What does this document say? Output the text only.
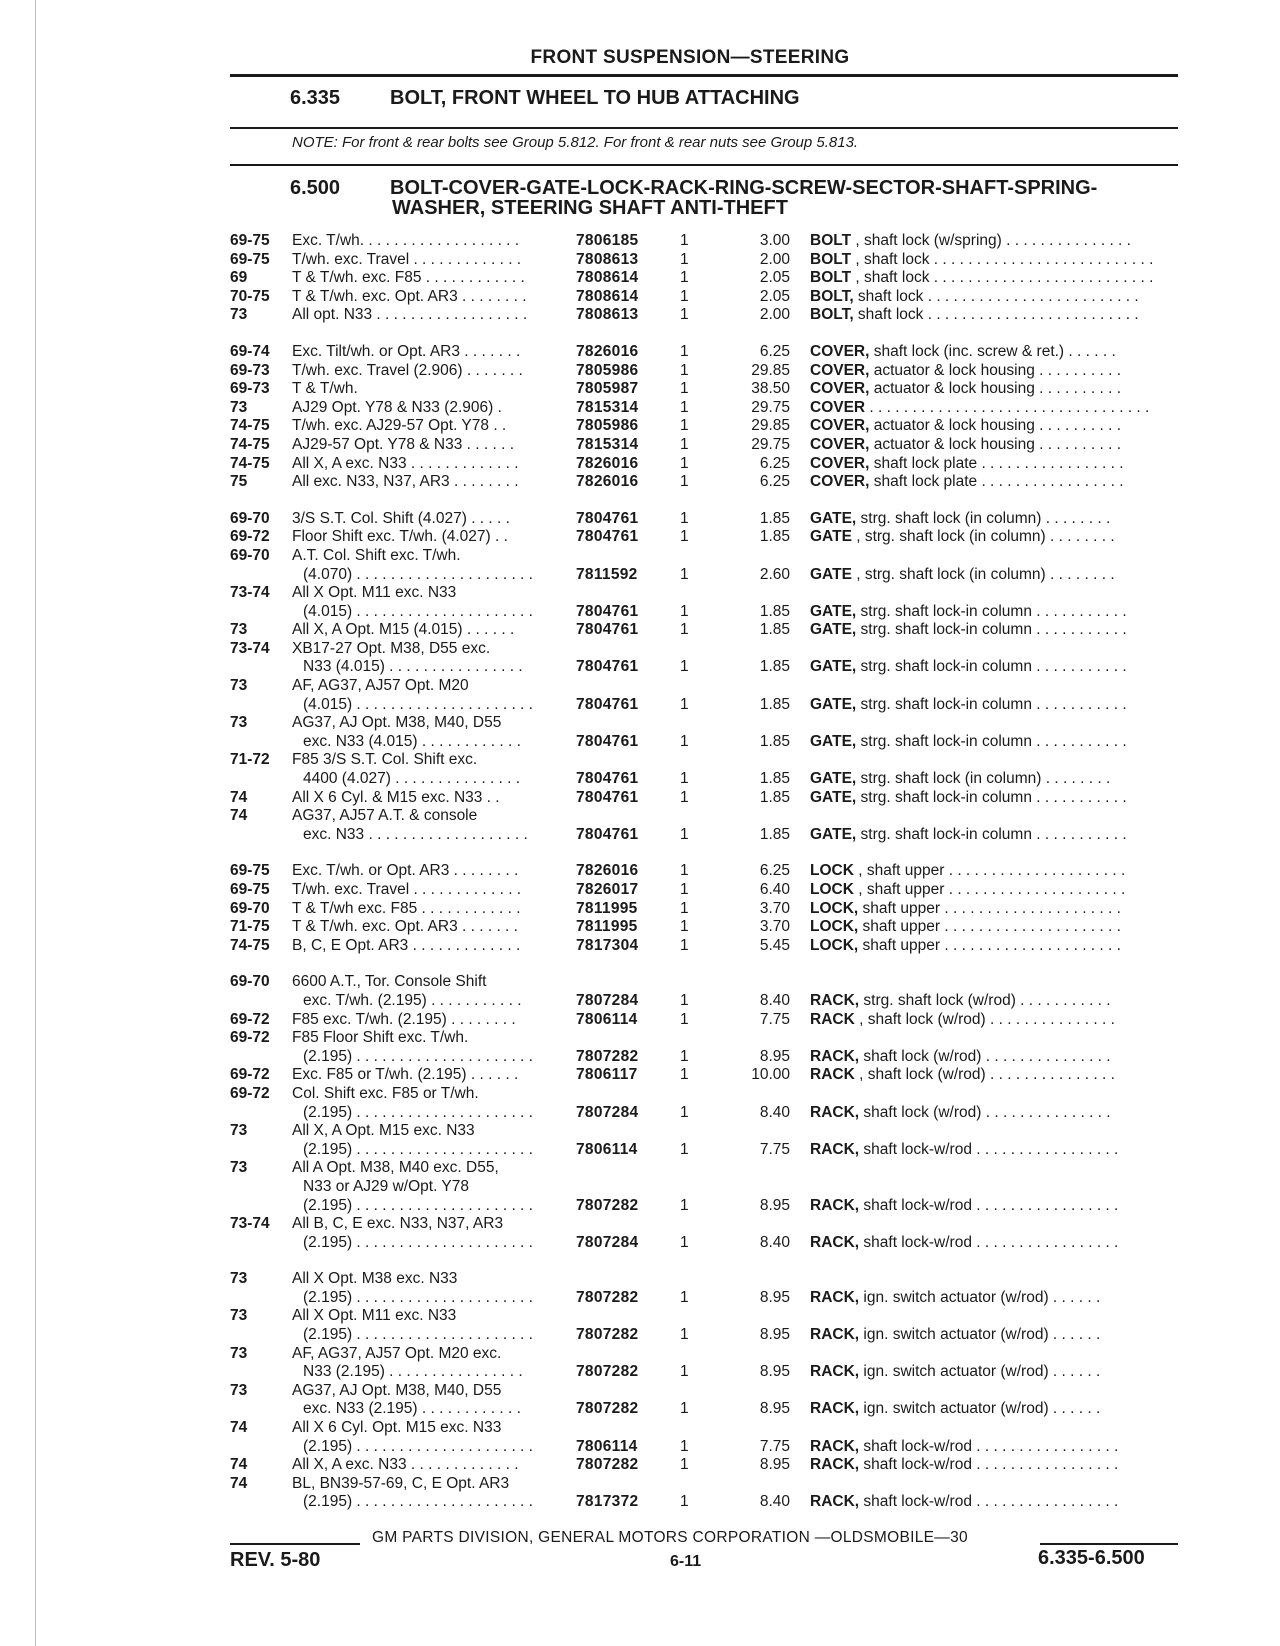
FRONT SUSPENSION—STEERING
6.335 BOLT, FRONT WHEEL TO HUB ATTACHING
NOTE: For front & rear bolts see Group 5.812. For front & rear nuts see Group 5.813.
6.500 BOLT-COVER-GATE-LOCK-RACK-RING-SCREW-SECTOR-SHAFT-SPRING-
WASHER, STEERING SHAFT ANTI-THEFT
69-75 Exc. T/wh. . . . . . . . . . . . . . . . . . .	7806185	1	3.00 BOLT , shaft lock (w/spring) . . . . . . . . . . . . . . .
69-75 T/wh. exc. Travel . . . . . . . . . . . . .	7808613	1	2.00 BOLT , shaft lock . . . . . . . . . . . . . . . . . . . . . . . . . .
69	T & T/wh. exc. F85 . . . . . . . . . . . .	7808614	1	2.05 BOLT , shaft lock . . . . . . . . . . . . . . . . . . . . . . . . . .
70-75 T & T/wh. exc. Opt. AR3 . . . . . . . .	7808614	1	2.05 BOLT, shaft lock . . . . . . . . . . . . . . . . . . . . . . . . .
73	All opt. N33 . . . . . . . . . . . . . . . . . .	7808613	1	2.00 BOLT, shaft lock . . . . . . . . . . . . . . . . . . . . . . . . .
69-74 Exc. Tilt/wh. or Opt. AR3 . . . . . . .	7826016	1	6.25 COVER, shaft lock (inc. screw & ret.) . . . . . .
69-73 T/wh. exc. Travel (2.906) . . . . . . .	7805986	1	29.85 COVER, actuator & lock housing . . . . . . . . . .
69-73 T & T/wh.	7805987	1	38.50 COVER, actuator & lock housing . . . . . . . . . .
73	AJ29 Opt. Y78 & N33 (2.906) .	7815314	1	29.75 COVER . . . . . . . . . . . . . . . . . . . . . . . . . . . . . . . . .
74-75 T/wh. exc. AJ29-57 Opt. Y78 . .	7805986	1	29.85 COVER, actuator & lock housing . . . . . . . . . .
74-75 AJ29-57 Opt. Y78 & N33 . . . . . .	7815314	1	29.75 COVER, actuator & lock housing . . . . . . . . . .
74-75 All X, A exc. N33 . . . . . . . . . . . . .	7826016	1	6.25 COVER, shaft lock plate . . . . . . . . . . . . . . . . .
75	All exc. N33, N37, AR3 . . . . . . . .	7826016	1	6.25 COVER, shaft lock plate . . . . . . . . . . . . . . . . .
69-70 3/S S.T. Col. Shift (4.027) . . . . .	7804761	1	1.85 GATE, strg. shaft lock (in column) . . . . . . . .
69-72 Floor Shift exc. T/wh. (4.027) . .	7804761	1	1.85 GATE , strg. shaft lock (in column) . . . . . . . .
69-70 A.T. Col. Shift exc. T/wh.
(4.070) . . . . . . . . . . . . . . . . . . . . .	7811592	1	2.60 GATE , strg. shaft lock (in column) . . . . . . . .
73-74 All X Opt. M11 exc. N33
(4.015) . . . . . . . . . . . . . . . . . . . . .	7804761	1	1.85 GATE, strg. shaft lock-in column . . . . . . . . . . .
73	All X, A Opt. M15 (4.015) . . . . . .	7804761	1	1.85 GATE, strg. shaft lock-in column . . . . . . . . . . .
73-74 XB17-27 Opt. M38, D55 exc.
N33 (4.015) . . . . . . . . . . . . . . . .	7804761	1	1.85 GATE, strg. shaft lock-in column . . . . . . . . . . .
73	AF, AG37, AJ57 Opt. M20
(4.015) . . . . . . . . . . . . . . . . . . . . .	7804761	1	1.85 GATE, strg. shaft lock-in column . . . . . . . . . . .
73	AG37, AJ Opt. M38, M40, D55
exc. N33 (4.015) . . . . . . . . . . . .	7804761	1	1.85 GATE, strg. shaft lock-in column . . . . . . . . . . .
71-72 F85 3/S S.T. Col. Shift exc.
4400 (4.027) . . . . . . . . . . . . . . .	7804761	1	1.85 GATE, strg. shaft lock (in column) . . . . . . . .
74	All X 6 Cyl. & M15 exc. N33 . .	7804761	1	1.85 GATE, strg. shaft lock-in column . . . . . . . . . . .
74	AG37, AJ57 A.T. & console
exc. N33 . . . . . . . . . . . . . . . . . . .	7804761	1	1.85 GATE, strg. shaft lock-in column . . . . . . . . . . .
69-75 Exc. T/wh. or Opt. AR3 . . . . . . . .	7826016	1	6.25 LOCK , shaft upper . . . . . . . . . . . . . . . . . . . . .
69-75 T/wh. exc. Travel . . . . . . . . . . . . .	7826017	1	6.40 LOCK , shaft upper . . . . . . . . . . . . . . . . . . . . .
69-70 T & T/wh exc. F85 . . . . . . . . . . . .	7811995	1	3.70 LOCK, shaft upper . . . . . . . . . . . . . . . . . . . . .
71-75 T & T/wh. exc. Opt. AR3 . . . . . . .	7811995	1	3.70 LOCK, shaft upper . . . . . . . . . . . . . . . . . . . . .
74-75 B, C, E Opt. AR3 . . . . . . . . . . . . .	7817304	1	5.45 LOCK, shaft upper . . . . . . . . . . . . . . . . . . . . .
69-70 6600 A.T., Tor. Console Shift
exc. T/wh. (2.195) . . . . . . . . . . .	7807284	1	8.40 RACK, strg. shaft lock (w/rod) . . . . . . . . . . .
69-72 F85 exc. T/wh. (2.195) . . . . . . . .	7806114	1	7.75 RACK , shaft lock (w/rod) . . . . . . . . . . . . . . .
69-72 F85 Floor Shift exc. T/wh.
(2.195) . . . . . . . . . . . . . . . . . . . . .	7807282	1	8.95 RACK, shaft lock (w/rod) . . . . . . . . . . . . . . .
69-72 Exc. F85 or T/wh. (2.195) . . . . . .	7806117	1	10.00 RACK , shaft lock (w/rod) . . . . . . . . . . . . . . .
69-72 Col. Shift exc. F85 or T/wh.
(2.195) . . . . . . . . . . . . . . . . . . . . .	7807284	1	8.40 RACK, shaft lock (w/rod) . . . . . . . . . . . . . . .
73	All X, A Opt. M15 exc. N33
(2.195) . . . . . . . . . . . . . . . . . . . . .	7806114	1	7.75 RACK, shaft lock-w/rod . . . . . . . . . . . . . . . . .
73	All A Opt. M38, M40 exc. D55,
N33 or AJ29 w/Opt. Y78
(2.195) . . . . . . . . . . . . . . . . . . . . .	7807282	1	8.95 RACK, shaft lock-w/rod . . . . . . . . . . . . . . . . .
73-74 All B, C, E exc. N33, N37, AR3
(2.195) . . . . . . . . . . . . . . . . . . . . .	7807284	1	8.40 RACK, shaft lock-w/rod . . . . . . . . . . . . . . . . .
73	All X Opt. M38 exc. N33
(2.195) . . . . . . . . . . . . . . . . . . . . .	7807282	1	8.95 RACK, ign. switch actuator (w/rod) . . . . . .
73	All X Opt. M11 exc. N33
(2.195) . . . . . . . . . . . . . . . . . . . . .	7807282	1	8.95 RACK, ign. switch actuator (w/rod) . . . . . .
73	AF, AG37, AJ57 Opt. M20 exc.
N33 (2.195) . . . . . . . . . . . . . . . .	7807282	1	8.95 RACK, ign. switch actuator (w/rod) . . . . . .
73	AG37, AJ Opt. M38, M40, D55
exc. N33 (2.195) . . . . . . . . . . . .	7807282	1	8.95 RACK, ign. switch actuator (w/rod) . . . . . .
74	All X 6 Cyl. Opt. M15 exc. N33
(2.195) . . . . . . . . . . . . . . . . . . . . .	7806114	1	7.75 RACK, shaft lock-w/rod . . . . . . . . . . . . . . . . .
74	All X, A exc. N33 . . . . . . . . . . . . .	7807282	1	8.95 RACK, shaft lock-w/rod . . . . . . . . . . . . . . . . .
74	BL, BN39-57-69, C, E Opt. AR3
(2.195) . . . . . . . . . . . . . . . . . . . . .	7817372	1	8.40 RACK, shaft lock-w/rod . . . . . . . . . . . . . . . . .
GM PARTS DIVISION, GENERAL MOTORS CORPORATION —OLDSMOBILE—30
REV. 5-80	6-11	6.335-6.500
